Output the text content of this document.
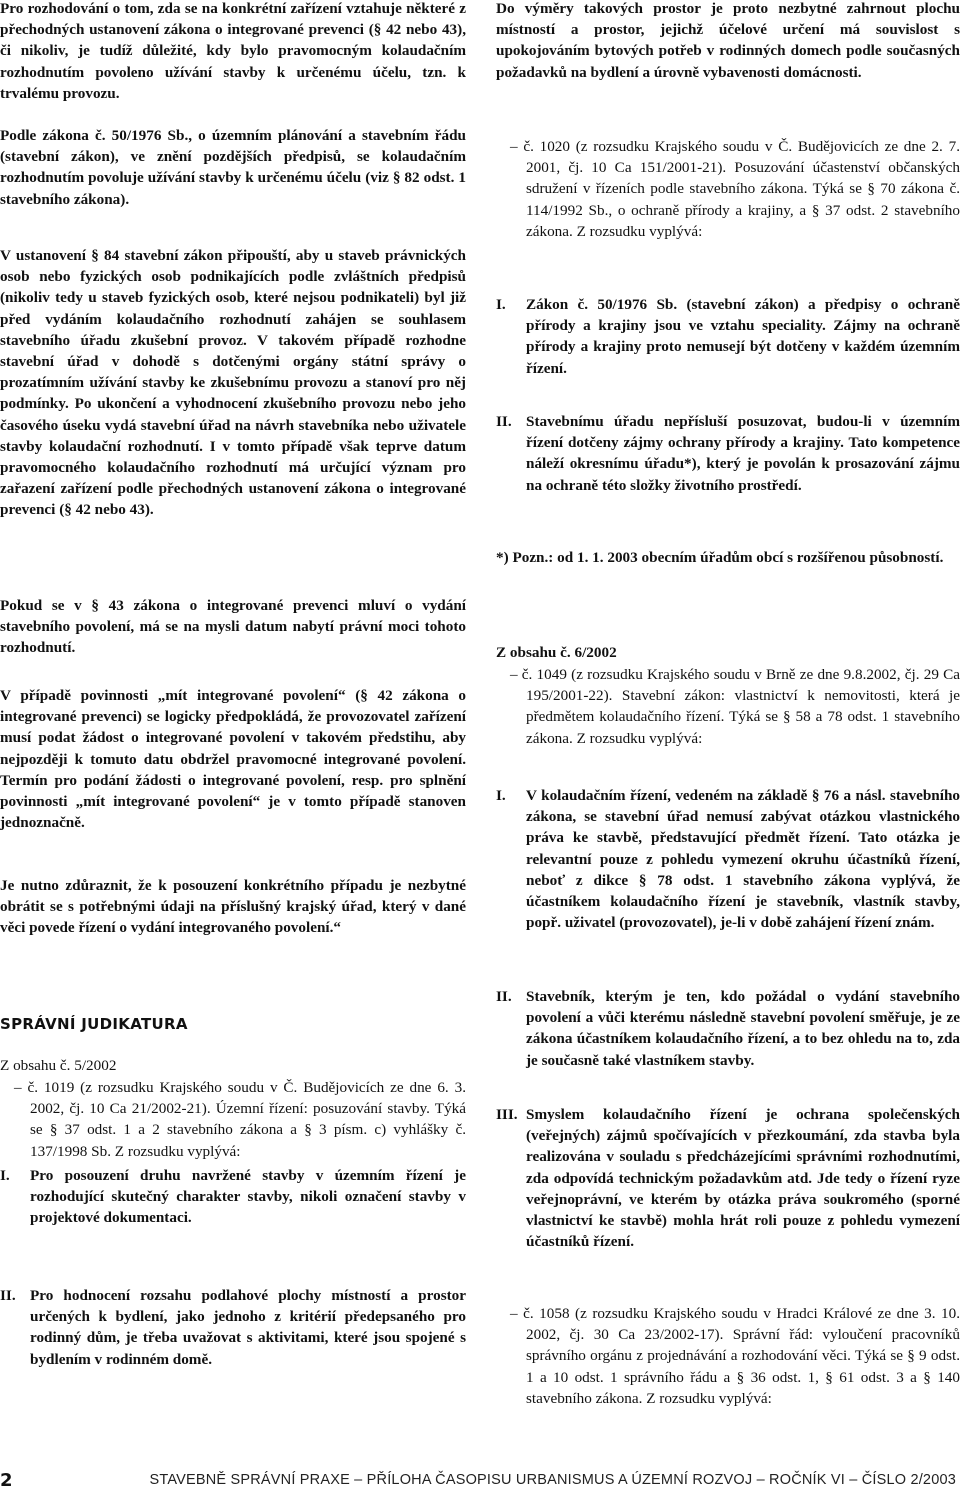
Pro rozhodování o tom, zda se na konkrétní zařízení vztahuje některé z přechodných ustanovení zákona o integrované prevenci (§ 42 nebo 43), či nikoliv, je tudíž důležité, kdy bylo pravomocným kolaudačním rozhodnutím povoleno užívání stavby k určenému účelu, tzn. k trvalému provozu.

Podle zákona č. 50/1976 Sb., o územním plánování a stavebním řádu (stavební zákon), ve znění pozdějších předpisů, se kolaudačním rozhodnutím povoluje užívání stavby k určenému účelu (viz § 82 odst. 1 stavebního zákona).

V ustanovení § 84 stavební zákon připouští, aby u staveb právnických osob nebo fyzických osob podnikajících podle zvláštních předpisů (nikoliv tedy u staveb fyzických osob, které nejsou podnikateli) byl již před vydáním kolaudačního rozhodnutí zahájen se souhlasem stavebního úřadu zkušební provoz. V takovém případě rozhodne stavební úřad v dohodě s dotčenými orgány státní správy o prozatímním užívání stavby ke zkušebnímu provozu a stanoví pro něj podmínky. Po ukončení a vyhodnocení zkušebního provozu nebo jeho časového úseku vydá stavební úřad na návrh stavebníka nebo uživatele stavby kolaudační rozhodnutí. I v tomto případě však teprve datum pravomocného kolaudačního rozhodnutí má určující význam pro zařazení zařízení podle přechodných ustanovení zákona o integrované prevenci (§ 42 nebo 43).

Pokud se v § 43 zákona o integrované prevenci mluví o vydání stavebního povolení, má se na mysli datum nabytí právní moci tohoto rozhodnutí.

V případě povinnosti „mít integrované povolení“ (§ 42 zákona o integrované prevenci) se logicky předpokládá, že provozovatel zařízení musí podat žádost o integrované povolení v takovém předstihu, aby nejpozději k tomuto datu obdržel pravomocné integrované povolení. Termín pro podání žádosti o integrované povolení, resp. pro splnění povinnosti „mít integrované povolení“ je v tomto případě stanoven jednoznačně.

Je nutno zdůraznit, že k posouzení konkrétního případu je nezbytné obrátit se s potřebnými údaji na příslušný krajský úřad, který v dané věci povede řízení o vydání integrovaného povolení.“

SPRÁVNÍ JUDIKATURA

Z obsahu č. 5/2002

– č. 1019 (z rozsudku Krajského soudu v Č. Budějovicích ze dne 6. 3. 2002, čj. 10 Ca 21/2002-21). Územní řízení: posuzování stavby. Týká se § 37 odst. 1 a 2 stavebního zákona a § 3 písm. c) vyhlášky č. 137/1998 Sb. Z rozsudku vyplývá:

I. Pro posouzení druhu navržené stavby v územním řízení je rozhodující skutečný charakter stavby, nikoli označení stavby v projektové dokumentaci.
II. Pro hodnocení rozsahu podlahové plochy místností a prostor určených k bydlení, jako jednoho z kritérií předepsaného pro rodinný dům, je třeba uvažovat s aktivitami, které jsou spojené s bydlením v rodinném domě.

Do výměry takových prostor je proto nezbytné zahrnout plochu místností a prostor, jejichž účelové určení má souvislost s upokojováním bytových potřeb v rodinných domech podle současných požadavků na bydlení a úrovně vybavenosti domácnosti.

– č. 1020 (z rozsudku Krajského soudu v Č. Budějovicích ze dne 2. 7. 2001, čj. 10 Ca 151/2001-21). Posuzování účastenství občanských sdružení v řízeních podle stavebního zákona. Týká se § 70 zákona č. 114/1992 Sb., o ochraně přírody a krajiny, a § 37 odst. 2 stavebního zákona. Z rozsudku vyplývá:

I. Zákon č. 50/1976 Sb. (stavební zákon) a předpisy o ochraně přírody a krajiny jsou ve vztahu speciality. Zájmy na ochraně přírody a krajiny proto nemusejí být dotčeny v každém územním řízení.
II. Stavebnímu úřadu nepřísluší posuzovat, budou-li v územním řízení dotčeny zájmy ochrany přírody a krajiny. Tato kompetence náleží okresnímu úřadu*), který je povolán k prosazování zájmu na ochraně této složky životního prostředí.

*) Pozn.: od 1. 1. 2003 obecním úřadům obcí s rozšířenou působností.

Z obsahu č. 6/2002

– č. 1049 (z rozsudku Krajského soudu v Brně ze dne 9.8.2002, čj. 29 Ca 195/2001-22). Stavební zákon: vlastnictví k nemovitosti, která je předmětem kolaudačního řízení. Týká se § 58 a 78 odst. 1 stavebního zákona. Z rozsudku vyplývá:

I. V kolaudačním řízení, vedeném na základě § 76 a násl. stavebního zákona, se stavební úřad nemusí zabývat otázkou vlastnického práva ke stavbě, představující předmět řízení. Tato otázka je relevantní pouze z pohledu vymezení okruhu účastníků řízení, neboť z dikce § 78 odst. 1 stavebního zákona vyplývá, že účastníkem kolaudačního řízení je stavebník, vlastník stavby, popř. uživatel (provozovatel), je-li v době zahájení řízení znám.
II. Stavebník, kterým je ten, kdo požádal o vydání stavebního povolení a vůči kterému následně stavební povolení směřuje, je ze zákona účastníkem kolaudačního řízení, a to bez ohledu na to, zda je současně také vlastníkem stavby.
III. Smyslem kolaudačního řízení je ochrana společenských (veřejných) zájmů spočívajících v přezkoumání, zda stavba byla realizována v souladu s předcházejícími správními rozhodnutími, zda odpovídá technickým požadavkům atd. Jde tedy o řízení ryze veřejnoprávní, ve kterém by otázka práva soukromého (sporné vlastnictví ke stavbě) mohla hrát roli pouze z pohledu vymezení účastníků řízení.

– č. 1058 (z rozsudku Krajského soudu v Hradci Králové ze dne 3. 10. 2002, čj. 30 Ca 23/2002-17). Správní řád: vyloučení pracovníků správního orgánu z projednávání a rozhodování věci. Týká se § 9 odst. 1 a 10 odst. 1 správního řádu a § 36 odst. 1, § 61 odst. 3 a § 140 stavebního zákona. Z rozsudku vyplývá:

2	STAVEBNĚ SPRÁVNÍ PRAXE – PŘÍLOHA ČASOPISU URBANISMUS A ÚZEMNÍ ROZVOJ – ROČNÍK VI – ČÍSLO 2/2003
